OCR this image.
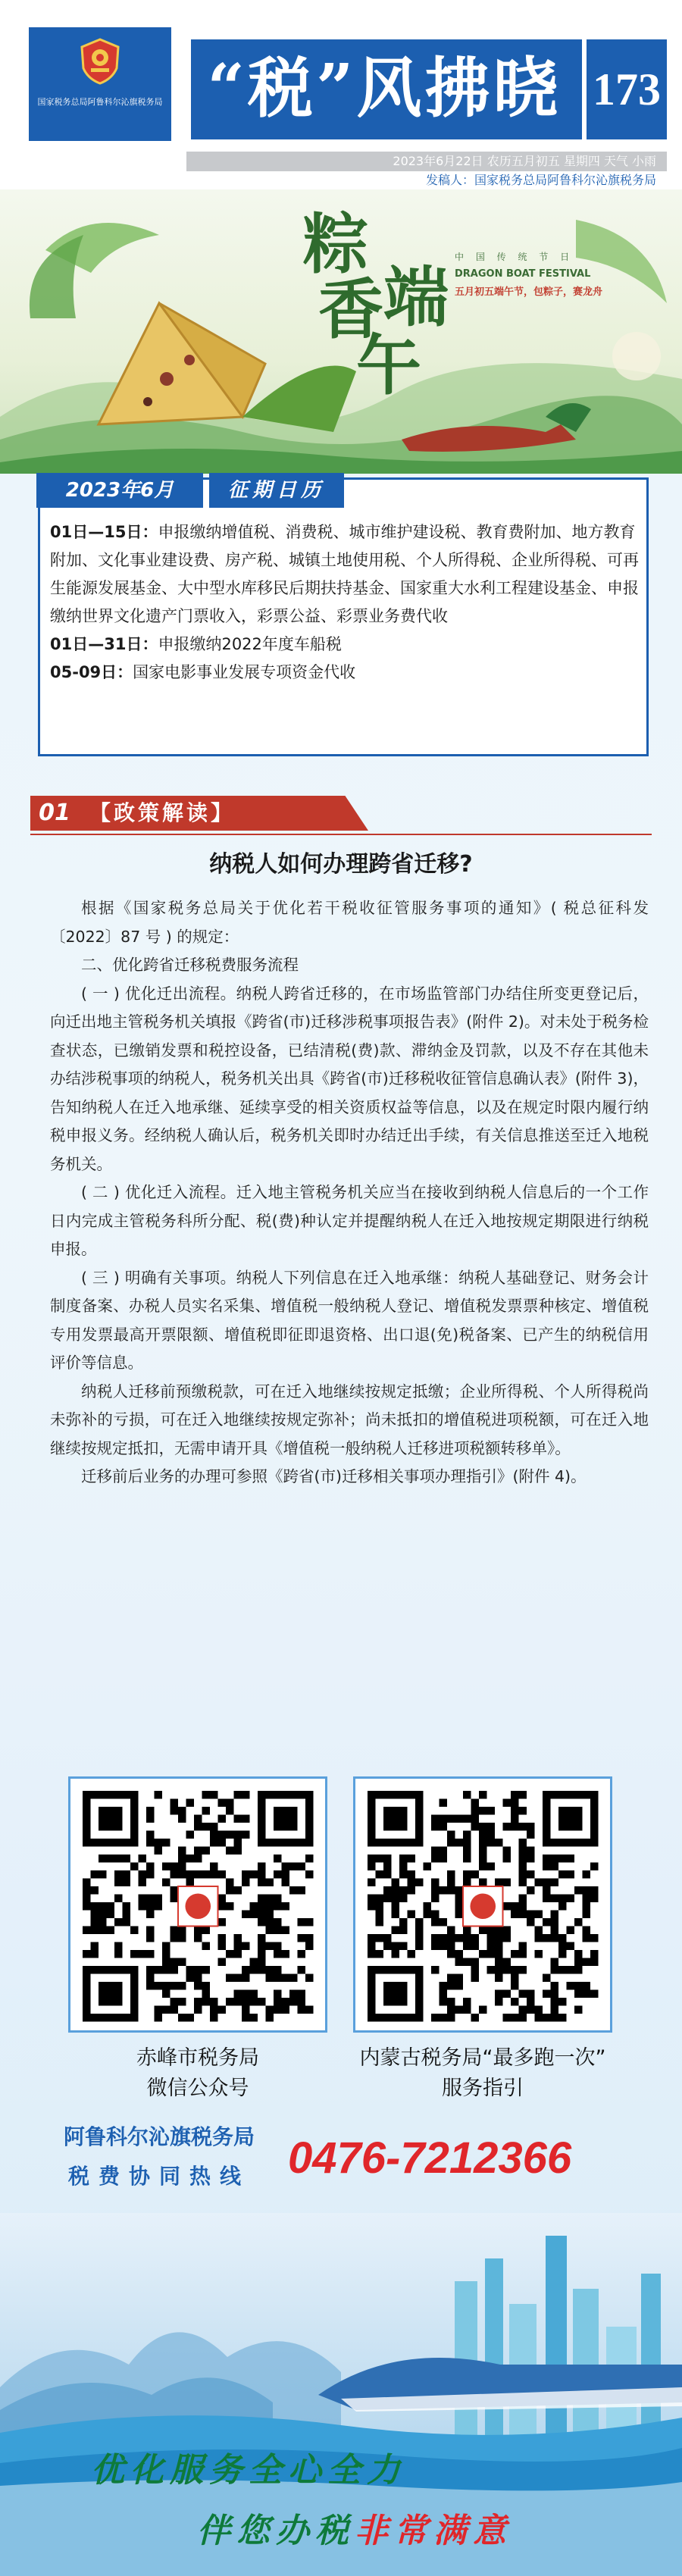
国家税务总局阿鲁科尔沁旗税务局 “税”风拂晓 173
2023年6月22日 农历五月初五 星期四 天气 小雨
发稿人：国家税务总局阿鲁科尔沁旗税务局
粽
香 端
午
中 国 传 统 节 日
DRAGON BOAT FESTIVAL
五月初五端午节，包粽子，赛龙舟
2023年6月	征期日历

01日—15日：申报缴纳增值税、消费税、城市维护建设税、教育费附加、地方教育附加、文化事业建设费、房产税、城镇土地使用税、个人所得税、企业所得税、可再生能源发展基金、大中型水库移民后期扶持基金、国家重大水利工程建设基金、申报缴纳世界文化遗产门票收入，彩票公益、彩票业务费代收

01日—31日：申报缴纳2022年度车船税

05-09日：国家电影事业发展专项资金代收

01 【政策解读】
纳税人如何办理跨省迁移?

根据《国家税务总局关于优化若干税收征管服务事项的通知》( 税总征科发〔2022〕87 号 ) 的规定：

二、优化跨省迁移税费服务流程

( 一 ) 优化迁出流程。纳税人跨省迁移的，在市场监管部门办结住所变更登记后，向迁出地主管税务机关填报《跨省(市)迁移涉税事项报告表》(附件 2)。对未处于税务检查状态，已缴销发票和税控设备，已结清税(费)款、滞纳金及罚款，以及不存在其他未办结涉税事项的纳税人，税务机关出具《跨省(市)迁移税收征管信息确认表》(附件 3)，告知纳税人在迁入地承继、延续享受的相关资质权益等信息，以及在规定时限内履行纳税申报义务。经纳税人确认后，税务机关即时办结迁出手续，有关信息推送至迁入地税务机关。

( 二 ) 优化迁入流程。迁入地主管税务机关应当在接收到纳税人信息后的一个工作日内完成主管税务科所分配、税(费)种认定并提醒纳税人在迁入地按规定期限进行纳税申报。

( 三 ) 明确有关事项。纳税人下列信息在迁入地承继：纳税人基础登记、财务会计制度备案、办税人员实名采集、增值税一般纳税人登记、增值税发票票种核定、增值税专用发票最高开票限额、增值税即征即退资格、出口退(免)税备案、已产生的纳税信用评价等信息。

纳税人迁移前预缴税款，可在迁入地继续按规定抵缴；企业所得税、个人所得税尚未弥补的亏损，可在迁入地继续按规定弥补；尚未抵扣的增值税进项税额，可在迁入地继续按规定抵扣，无需申请开具《增值税一般纳税人迁移进项税额转移单》。

迁移前后业务的办理可参照《跨省(市)迁移相关事项办理指引》(附件 4)。

赤峰市税务局
微信公众号
内蒙古税务局“最多跑一次”
服务指引
阿鲁科尔沁旗税务局
税费协同热线 0476-7212366
优化服务全心全力
伴您办税非常满意
